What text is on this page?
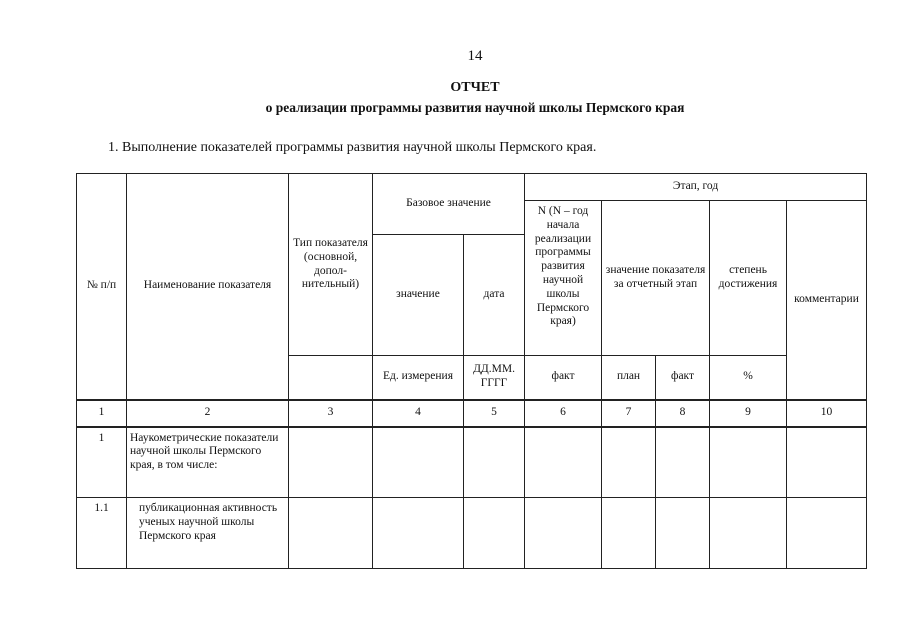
14
ОТЧЕТ
о реализации программы развития научной школы Пермского края
1. Выполнение показателей программы развития научной школы Пермского края.
№ п/п	Наименование показателя	Тип показателя (основной, допол-нительный)	Базовое значение		Этап, год				
					N (N – год начала реализации программы развития научной школы Пермского края)	значение показателя за отчетный этап		степень достижения	комментарии
			значение	дата					
			Ед. измерения	ДД.ММ. ГГГГ	факт	план	факт	%	
1	2	3	4	5	6	7	8	9	10
1	Наукометрические показатели научной школы Пермского края, в том числе:								
1.1	публикационная активность ученых научной школы Пермского края								
